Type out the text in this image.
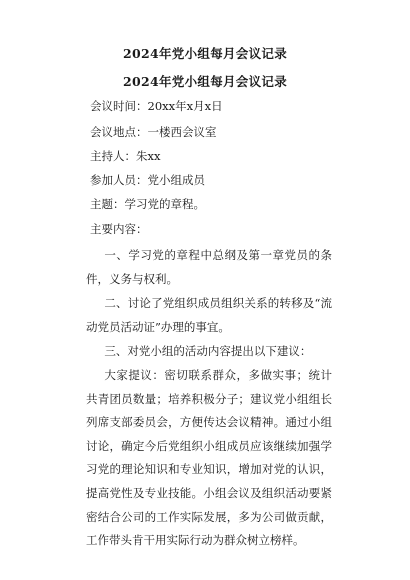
2024年党小组每月会议记录
2024年党小组每月会议记录
会议时间：20xx年x月x日
会议地点：一楼西会议室
主持人：朱xx
参加人员：党小组成员
主题：学习党的章程。
主要内容：

一、学习党的章程中总纲及第一章党员的条件，义务与权利。

二、讨论了党组织成员组织关系的转移及“流动党员活动证”办理的事宜。

三、对党小组的活动内容提出以下建议：

大家提议：密切联系群众，多做实事；统计共青团员数量；培养积极分子；建议党小组组长列席支部委员会，方便传达会议精神。通过小组讨论，确定今后党组织小组成员应该继续加强学习党的理论知识和专业知识，增加对党的认识，提高党性及专业技能。小组会议及组织活动要紧密结合公司的工作实际发展，多为公司做贡献，工作带头肯干用实际行动为群众树立榜样。
